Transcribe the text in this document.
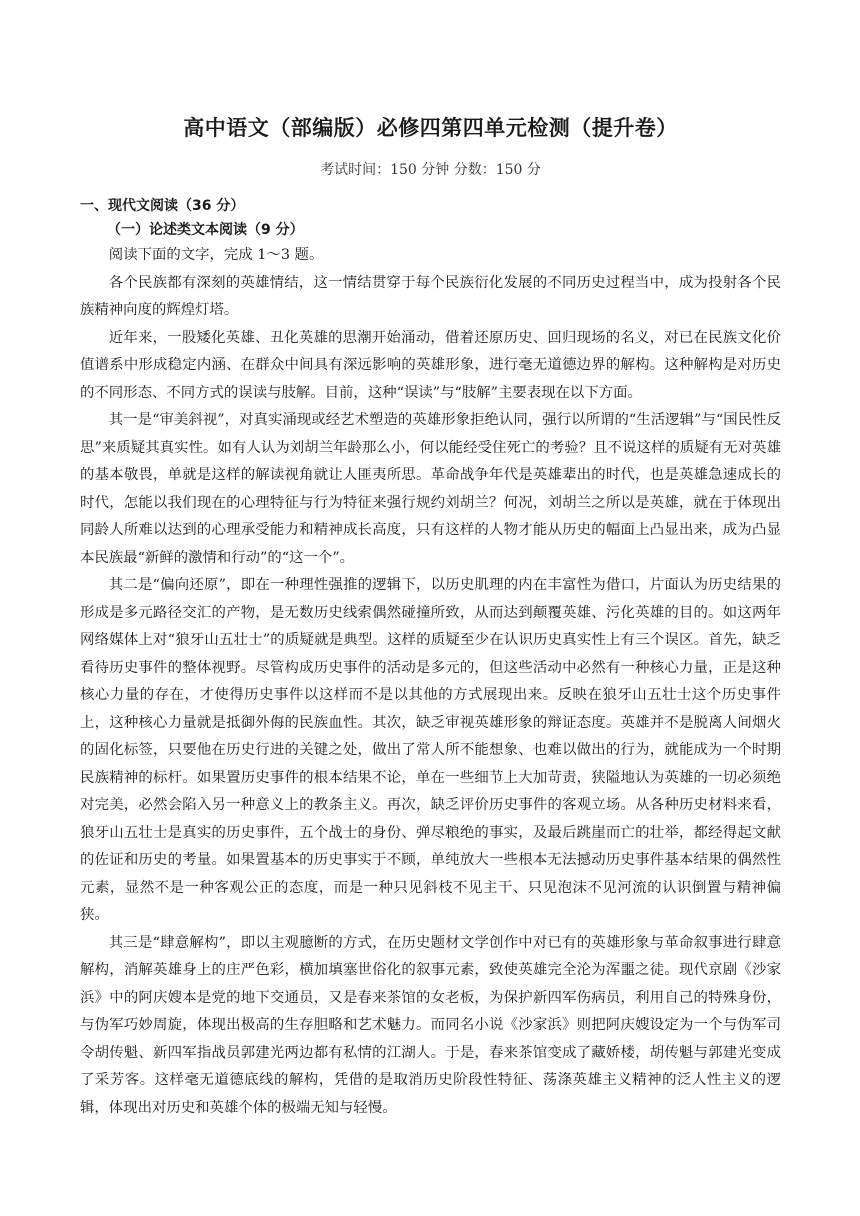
高中语文（部编版）必修四第四单元检测（提升卷）
考试时间：150 分钟 分数：150 分
一、现代文阅读（36 分）
（一）论述类文本阅读（9 分）

阅读下面的文字，完成 1～3 题。

各个民族都有深刻的英雄情结，这一情结贯穿于每个民族衍化发展的不同历史过程当中，成为投射各个民族精神向度的辉煌灯塔。

近年来，一股矮化英雄、丑化英雄的思潮开始涌动，借着还原历史、回归现场的名义，对已在民族文化价值谱系中形成稳定内涵、在群众中间具有深远影响的英雄形象，进行毫无道德边界的解构。这种解构是对历史的不同形态、不同方式的误读与肢解。目前，这种“误读”与“肢解”主要表现在以下方面。

其一是“审美斜视”，对真实涌现或经艺术塑造的英雄形象拒绝认同，强行以所谓的“生活逻辑”与“国民性反思”来质疑其真实性。如有人认为刘胡兰年龄那么小，何以能经受住死亡的考验？且不说这样的质疑有无对英雄的基本敬畏，单就是这样的解读视角就让人匪夷所思。革命战争年代是英雄辈出的时代，也是英雄急速成长的时代，怎能以我们现在的心理特征与行为特征来强行规约刘胡兰？何况，刘胡兰之所以是英雄，就在于体现出同龄人所难以达到的心理承受能力和精神成长高度，只有这样的人物才能从历史的幅面上凸显出来，成为凸显本民族最“新鲜的激情和行动”的“这一个”。

其二是“偏向还原”，即在一种理性强推的逻辑下，以历史肌理的内在丰富性为借口，片面认为历史结果的形成是多元路径交汇的产物，是无数历史线索偶然碰撞所致，从而达到颠覆英雄、污化英雄的目的。如这两年网络媒体上对“狼牙山五壮士”的质疑就是典型。这样的质疑至少在认识历史真实性上有三个误区。首先，缺乏看待历史事件的整体视野。尽管构成历史事件的活动是多元的，但这些活动中必然有一种核心力量，正是这种核心力量的存在，才使得历史事件以这样而不是以其他的方式展现出来。反映在狼牙山五壮士这个历史事件上，这种核心力量就是抵御外侮的民族血性。其次，缺乏审视英雄形象的辩证态度。英雄并不是脱离人间烟火的固化标签，只要他在历史行进的关键之处，做出了常人所不能想象、也难以做出的行为，就能成为一个时期民族精神的标杆。如果置历史事件的根本结果不论，单在一些细节上大加苛责，狭隘地认为英雄的一切必须绝对完美，必然会陷入另一种意义上的教条主义。再次，缺乏评价历史事件的客观立场。从各种历史材料来看，狼牙山五壮士是真实的历史事件，五个战士的身份、弹尽粮绝的事实，及最后跳崖而亡的壮举，都经得起文献的佐证和历史的考量。如果置基本的历史事实于不顾，单纯放大一些根本无法撼动历史事件基本结果的偶然性元素，显然不是一种客观公正的态度，而是一种只见斜枝不见主干、只见泡沫不见河流的认识倒置与精神偏狭。

其三是“肆意解构”，即以主观臆断的方式，在历史题材文学创作中对已有的英雄形象与革命叙事进行肆意解构，消解英雄身上的庄严色彩，横加填塞世俗化的叙事元素，致使英雄完全沦为浑噩之徒。现代京剧《沙家浜》中的阿庆嫂本是党的地下交通员，又是春来茶馆的女老板，为保护新四军伤病员，利用自己的特殊身份，与伪军巧妙周旋，体现出极高的生存胆略和艺术魅力。而同名小说《沙家浜》则把阿庆嫂设定为一个与伪军司令胡传魁、新四军指战员郭建光两边都有私情的江湖人。于是，春来茶馆变成了藏娇楼，胡传魁与郭建光变成了采芳客。这样毫无道德底线的解构，凭借的是取消历史阶段性特征、荡涤英雄主义精神的泛人性主义的逻辑，体现出对历史和英雄个体的极端无知与轻慢。
